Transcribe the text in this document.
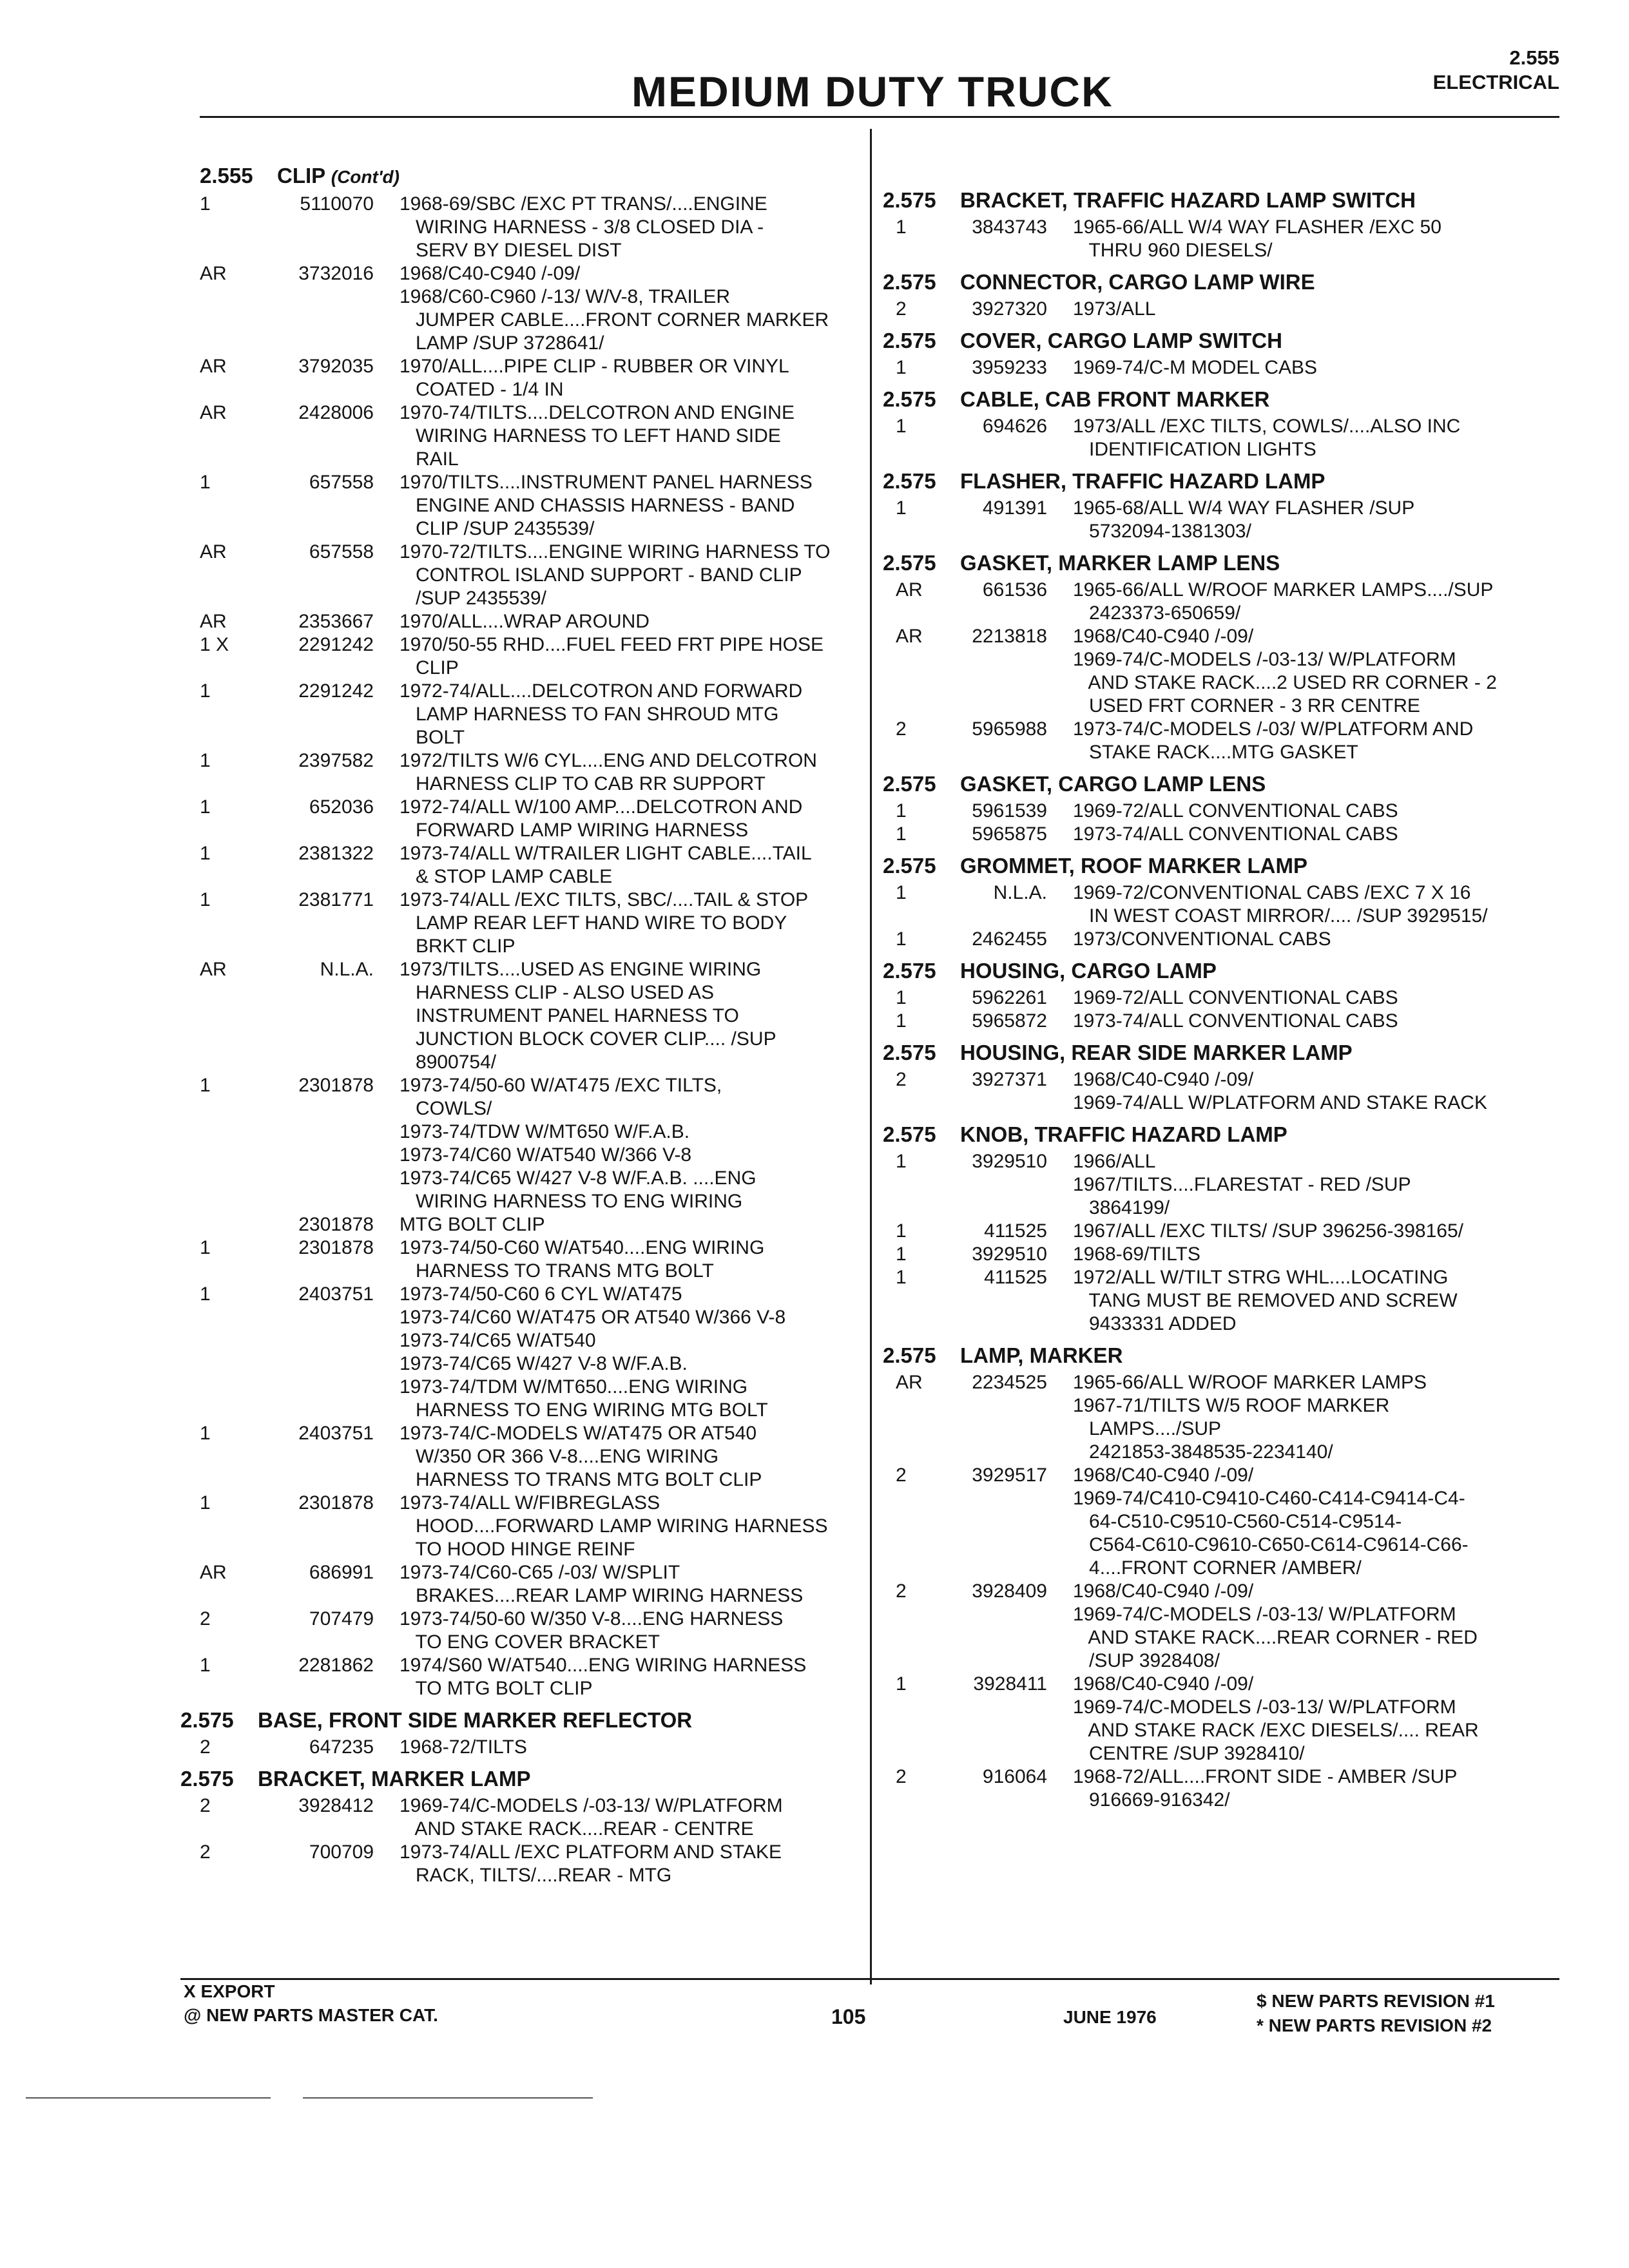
MEDIUM DUTY TRUCK
2.555
ELECTRICAL
2.555 CLIP (Cont'd)
1	5110070	1968-69/SBC /EXC PT TRANS/....ENGINE
WIRING HARNESS - 3/8 CLOSED DIA -
SERV BY DIESEL DIST
AR	3732016	1968/C40-C940 /-09/
1968/C60-C960 /-13/ W/V-8, TRAILER
JUMPER CABLE....FRONT CORNER MARKER
LAMP /SUP 3728641/
AR	3792035	1970/ALL....PIPE CLIP - RUBBER OR VINYL
COATED - 1/4 IN
AR	2428006	1970-74/TILTS....DELCOTRON AND ENGINE
WIRING HARNESS TO LEFT HAND SIDE
RAIL
1	657558	1970/TILTS....INSTRUMENT PANEL HARNESS
ENGINE AND CHASSIS HARNESS - BAND
CLIP /SUP 2435539/
AR	657558	1970-72/TILTS....ENGINE WIRING HARNESS TO
CONTROL ISLAND SUPPORT - BAND CLIP
/SUP 2435539/
AR	2353667	1970/ALL....WRAP AROUND
1 X	2291242	1970/50-55 RHD....FUEL FEED FRT PIPE HOSE
CLIP
1	2291242	1972-74/ALL....DELCOTRON AND FORWARD
LAMP HARNESS TO FAN SHROUD MTG
BOLT
1	2397582	1972/TILTS W/6 CYL....ENG AND DELCOTRON
HARNESS CLIP TO CAB RR SUPPORT
1	652036	1972-74/ALL W/100 AMP....DELCOTRON AND
FORWARD LAMP WIRING HARNESS
1	2381322	1973-74/ALL W/TRAILER LIGHT CABLE....TAIL
& STOP LAMP CABLE
1	2381771	1973-74/ALL /EXC TILTS, SBC/....TAIL & STOP
LAMP REAR LEFT HAND WIRE TO BODY
BRKT CLIP
AR	N.L.A.	1973/TILTS....USED AS ENGINE WIRING
HARNESS CLIP - ALSO USED AS
INSTRUMENT PANEL HARNESS TO
JUNCTION BLOCK COVER CLIP.... /SUP
8900754/
1	2301878	1973-74/50-60 W/AT475 /EXC TILTS,
COWLS/
1973-74/TDW W/MT650 W/F.A.B.
1973-74/C60 W/AT540 W/366 V-8
1973-74/C65 W/427 V-8 W/F.A.B. ....ENG
WIRING HARNESS TO ENG WIRING
2301878	MTG BOLT CLIP
1	2301878	1973-74/50-C60 W/AT540....ENG WIRING
HARNESS TO TRANS MTG BOLT
1	2403751	1973-74/50-C60 6 CYL W/AT475
1973-74/C60 W/AT475 OR AT540 W/366 V-8
1973-74/C65 W/AT540
1973-74/C65 W/427 V-8 W/F.A.B.
1973-74/TDM W/MT650....ENG WIRING
HARNESS TO ENG WIRING MTG BOLT
1	2403751	1973-74/C-MODELS W/AT475 OR AT540
W/350 OR 366 V-8....ENG WIRING
HARNESS TO TRANS MTG BOLT CLIP
1	2301878	1973-74/ALL W/FIBREGLASS
HOOD....FORWARD LAMP WIRING HARNESS
TO HOOD HINGE REINF
AR	686991	1973-74/C60-C65 /-03/ W/SPLIT
BRAKES....REAR LAMP WIRING HARNESS
2	707479	1973-74/50-60 W/350 V-8....ENG HARNESS
TO ENG COVER BRACKET
1	2281862	1974/S60 W/AT540....ENG WIRING HARNESS
TO MTG BOLT CLIP
2.575 BASE, FRONT SIDE MARKER REFLECTOR
2	647235	1968-72/TILTS
2.575 BRACKET, MARKER LAMP
2	3928412	1969-74/C-MODELS /-03-13/ W/PLATFORM
AND STAKE RACK....REAR - CENTRE
2	700709	1973-74/ALL /EXC PLATFORM AND STAKE
RACK, TILTS/....REAR - MTG
2.575 BRACKET, TRAFFIC HAZARD LAMP SWITCH
1	3843743	1965-66/ALL W/4 WAY FLASHER /EXC 50
THRU 960 DIESELS/
2.575 CONNECTOR, CARGO LAMP WIRE
2	3927320	1973/ALL
2.575 COVER, CARGO LAMP SWITCH
1	3959233	1969-74/C-M MODEL CABS
2.575 CABLE, CAB FRONT MARKER
1	694626	1973/ALL /EXC TILTS, COWLS/....ALSO INC
IDENTIFICATION LIGHTS
2.575 FLASHER, TRAFFIC HAZARD LAMP
1	491391	1965-68/ALL W/4 WAY FLASHER /SUP
5732094-1381303/
2.575 GASKET, MARKER LAMP LENS
AR	661536	1965-66/ALL W/ROOF MARKER LAMPS..../SUP
2423373-650659/
AR	2213818	1968/C40-C940 /-09/
1969-74/C-MODELS /-03-13/ W/PLATFORM
AND STAKE RACK....2 USED RR CORNER - 2
USED FRT CORNER - 3 RR CENTRE
2	5965988	1973-74/C-MODELS /-03/ W/PLATFORM AND
STAKE RACK....MTG GASKET
2.575 GASKET, CARGO LAMP LENS
1	5961539	1969-72/ALL CONVENTIONAL CABS
1	5965875	1973-74/ALL CONVENTIONAL CABS
2.575 GROMMET, ROOF MARKER LAMP
1	N.L.A.	1969-72/CONVENTIONAL CABS /EXC 7 X 16
IN WEST COAST MIRROR/.... /SUP 3929515/
1	2462455	1973/CONVENTIONAL CABS
2.575 HOUSING, CARGO LAMP
1	5962261	1969-72/ALL CONVENTIONAL CABS
1	5965872	1973-74/ALL CONVENTIONAL CABS
2.575 HOUSING, REAR SIDE MARKER LAMP
2	3927371	1968/C40-C940 /-09/
1969-74/ALL W/PLATFORM AND STAKE RACK
2.575 KNOB, TRAFFIC HAZARD LAMP
1	3929510	1966/ALL
1967/TILTS....FLARESTAT - RED /SUP
3864199/
1	411525	1967/ALL /EXC TILTS/ /SUP 396256-398165/
1	3929510	1968-69/TILTS
1	411525	1972/ALL W/TILT STRG WHL....LOCATING
TANG MUST BE REMOVED AND SCREW
9433331 ADDED
2.575 LAMP, MARKER
AR	2234525	1965-66/ALL W/ROOF MARKER LAMPS
1967-71/TILTS W/5 ROOF MARKER
LAMPS..../SUP
2421853-3848535-2234140/
2	3929517	1968/C40-C940 /-09/
1969-74/C410-C9410-C460-C414-C9414-C4-
64-C510-C9510-C560-C514-C9514-
C564-C610-C9610-C650-C614-C9614-C66-
4....FRONT CORNER /AMBER/
2	3928409	1968/C40-C940 /-09/
1969-74/C-MODELS /-03-13/ W/PLATFORM
AND STAKE RACK....REAR CORNER - RED
/SUP 3928408/
1	3928411	1968/C40-C940 /-09/
1969-74/C-MODELS /-03-13/ W/PLATFORM
AND STAKE RACK /EXC DIESELS/.... REAR
CENTRE /SUP 3928410/
2	916064	1968-72/ALL....FRONT SIDE - AMBER /SUP
916669-916342/
X EXPORT
@ NEW PARTS MASTER CAT.	105	JUNE 1976
$ NEW PARTS REVISION #1
* NEW PARTS REVISION #2
